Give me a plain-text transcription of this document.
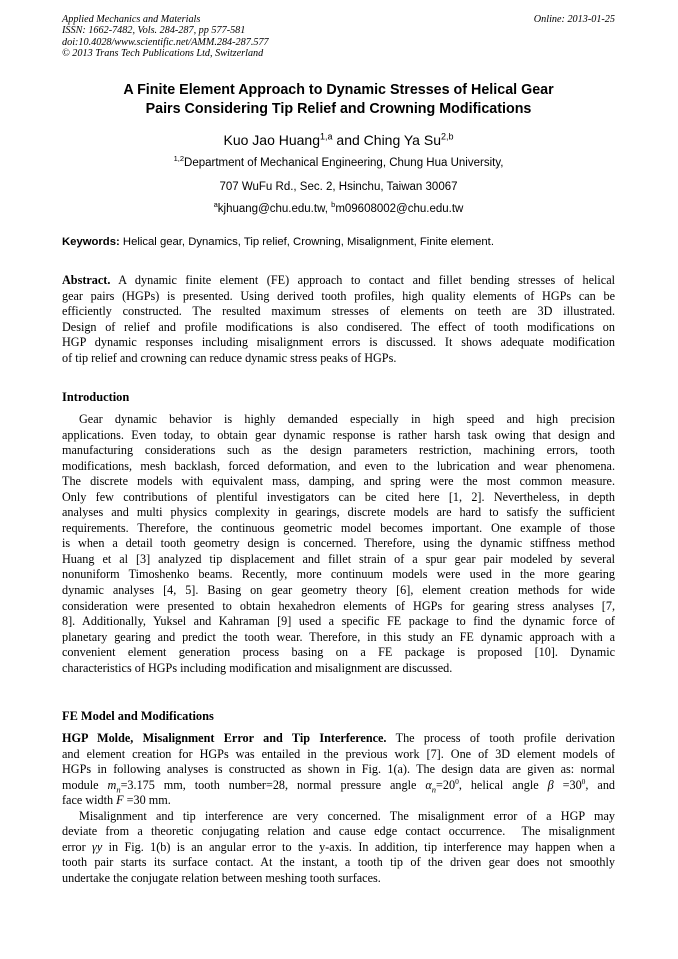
Applied Mechanics and Materials
ISSN: 1662-7482, Vols. 284-287, pp 577-581
doi:10.4028/www.scientific.net/AMM.284-287.577
© 2013 Trans Tech Publications Ltd, Switzerland
Online: 2013-01-25
A Finite Element Approach to Dynamic Stresses of Helical Gear
Pairs Considering Tip Relief and Crowning Modifications
Kuo Jao Huang$^{1,a}$ and Ching Ya Su$^{2,b}$
$^{1,2}$Department of Mechanical Engineering, Chung Hua University,
707 WuFu Rd., Sec. 2, Hsinchu, Taiwan 30067
$^a$kjhuang@chu.edu.tw, $^b$m09608002@chu.edu.tw
Keywords: Helical gear, Dynamics, Tip relief, Crowning, Misalignment, Finite element.
Abstract. A dynamic finite element (FE) approach to contact and fillet bending stresses of helical
gear pairs (HGPs) is presented. Using derived tooth profiles, high quality elements of HGPs can be
efficiently constructed. The resulted maximum stresses of elements on teeth are 3D illustrated.
Design of relief and profile modifications is also condisered. The effect of tooth modifications on
HGP dynamic responses including misalignment errors is discussed. It shows adequate modification
of tip relief and crowning can reduce dynamic stress peaks of HGPs.
Introduction
Gear dynamic behavior is highly demanded especially in high speed and high precision
applications. Even today, to obtain gear dynamic response is rather harsh task owing that design and
manufacturing considerations such as the design parameters restriction, machining errors, tooth
modifications, mesh backlash, forced deformation, and even to the lubrication and wear phenomena.
The discrete models with equivalent mass, damping, and spring were the most common measure.
Only few contributions of plentiful investigators can be cited here [1, 2]. Nevertheless, in depth
analyses and multi physics complexity in gearings, discrete models are hard to satisfy the sufficient
requirements. Therefore, the continuous geometric model becomes important. One example of those
is when a detail tooth geometry design is concerned. Therefore, using the dynamic stiffness method
Huang et al [3] analyzed tip displacement and fillet strain of a spur gear pair modeled by several
nonuniform Timoshenko beams. Recently, more continuum models were used in the more gearing
dynamic analyses [4, 5]. Basing on gear geometry theory [6], element creation methods for wide
consideration were presented to obtain hexahedron elements of HGPs for gearing stress analyses [7,
8]. Additionally, Yuksel and Kahraman [9] used a specific FE package to find the dynamic force of
planetary gearing and predict the tooth wear. Therefore, in this study an FE dynamic approach with a
convenient element generation process basing on a FE package is proposed [10]. Dynamic
characteristics of HGPs including modification and misalignment are discussed.
FE Model and Modifications
HGP Molde, Misalignment Error and Tip Interference. The process of tooth profile derivation
and element creation for HGPs was entailed in the previous work [7]. One of 3D element models of
HGPs in following analyses is constructed as shown in Fig. 1(a). The design data are given as: normal
module $m_n=3.175$ mm, tooth number=28, normal pressure angle $\alpha_n=20^0$, helical angle $\beta =30^0$, and
face width F =30 mm.
Misalignment and tip interference are very concerned. The misalignment error of a HGP may
deviate from a theoretic conjugating relation and cause edge contact occurrence.  The misalignment
error γy in Fig. 1(b) is an angular error to the y-axis. In addition, tip interference may happen when a
tooth pair starts its surface contact. At the instant, a tooth tip of the driven gear does not smoothly
undertake the conjugate relation between meshing tooth surfaces.
